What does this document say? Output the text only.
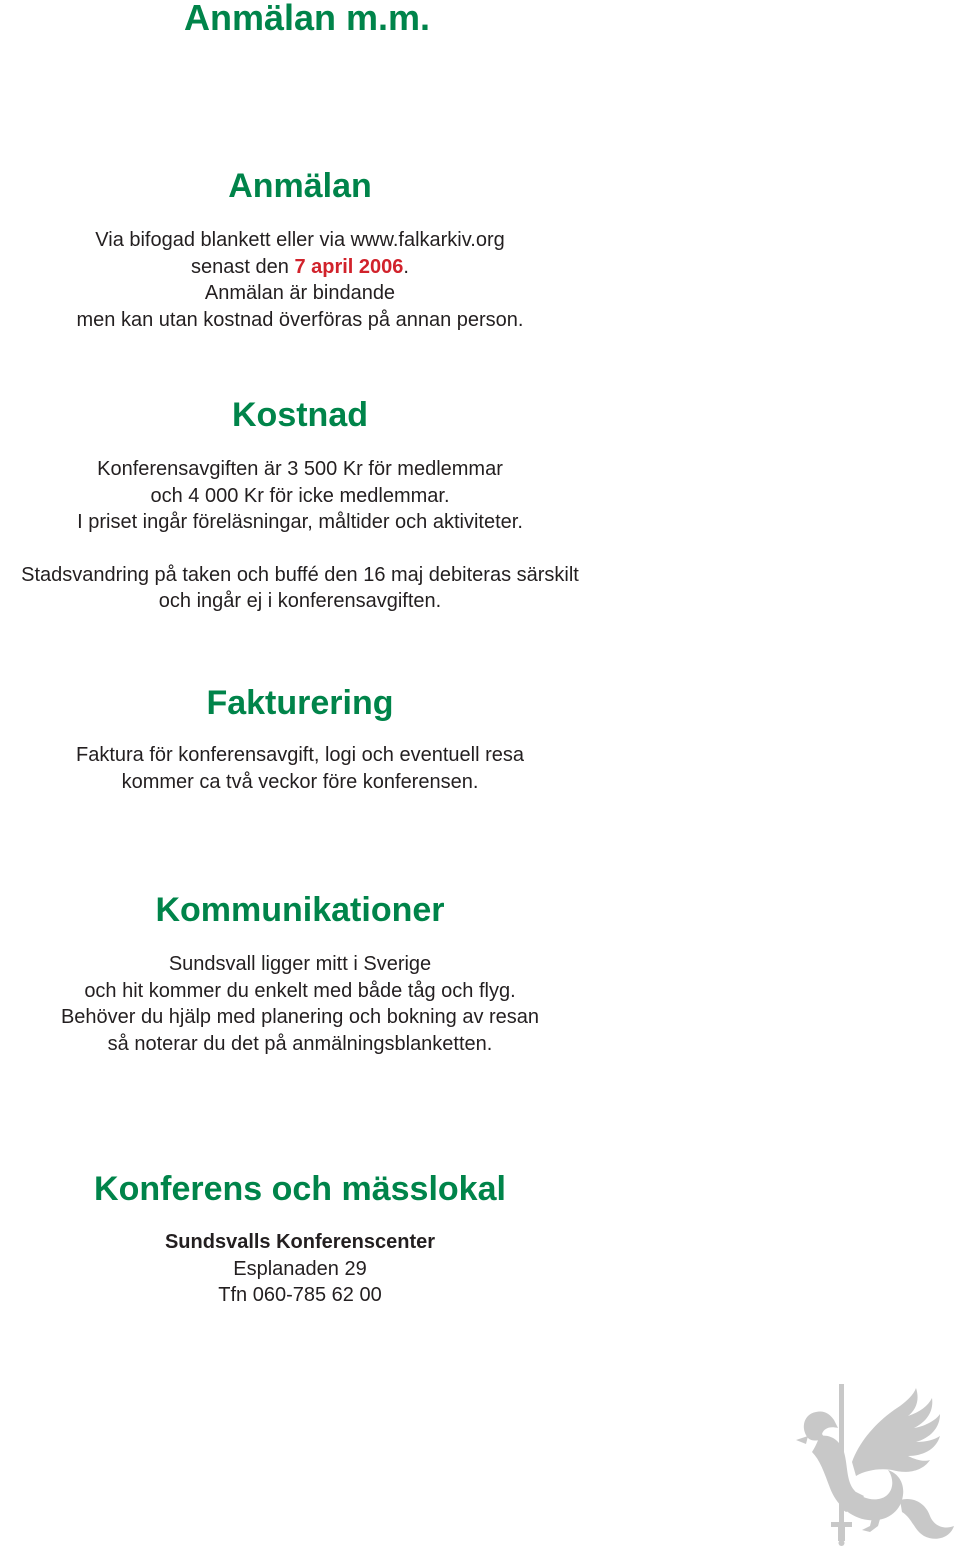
Anmälan m.m.
Anmälan
Via bifogad blankett eller via www.falkarkiv.org
senast den 7 april 2006.
Anmälan är bindande
men kan utan kostnad överföras på annan person.
Kostnad
Konferensavgiften är 3 500 Kr för medlemmar
och 4 000 Kr för icke medlemmar.
I priset ingår föreläsningar, måltider och aktiviteter.
Stadsvandring på taken och buffé den 16 maj debiteras särskilt
och ingår ej i konferensavgiften.
Fakturering
Faktura för konferensavgift, logi och eventuell resa
kommer ca två veckor före konferensen.
Kommunikationer
Sundsvall ligger mitt i Sverige
och hit kommer du enkelt med både tåg och flyg.
Behöver du hjälp med planering och bokning av resan
så noterar du det på anmälningsblanketten.
Konferens och mässlokal
Sundsvalls Konferenscenter
Esplanaden 29
Tfn 060-785 62 00
